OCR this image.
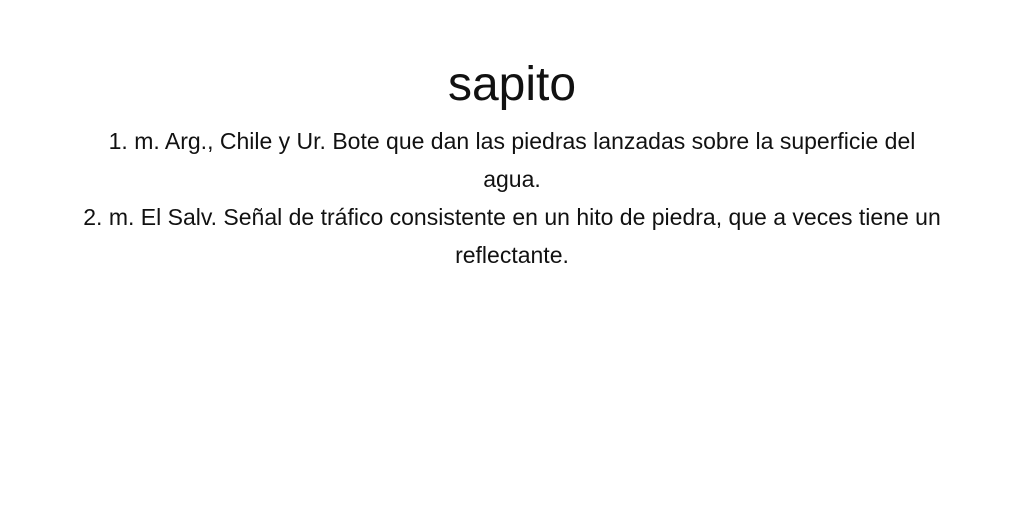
sapito
1. m. Arg., Chile y Ur. Bote que dan las piedras lanzadas sobre la superficie del agua.
2. m. El Salv. Señal de tráfico consistente en un hito de piedra, que a veces tiene un reflectante.
